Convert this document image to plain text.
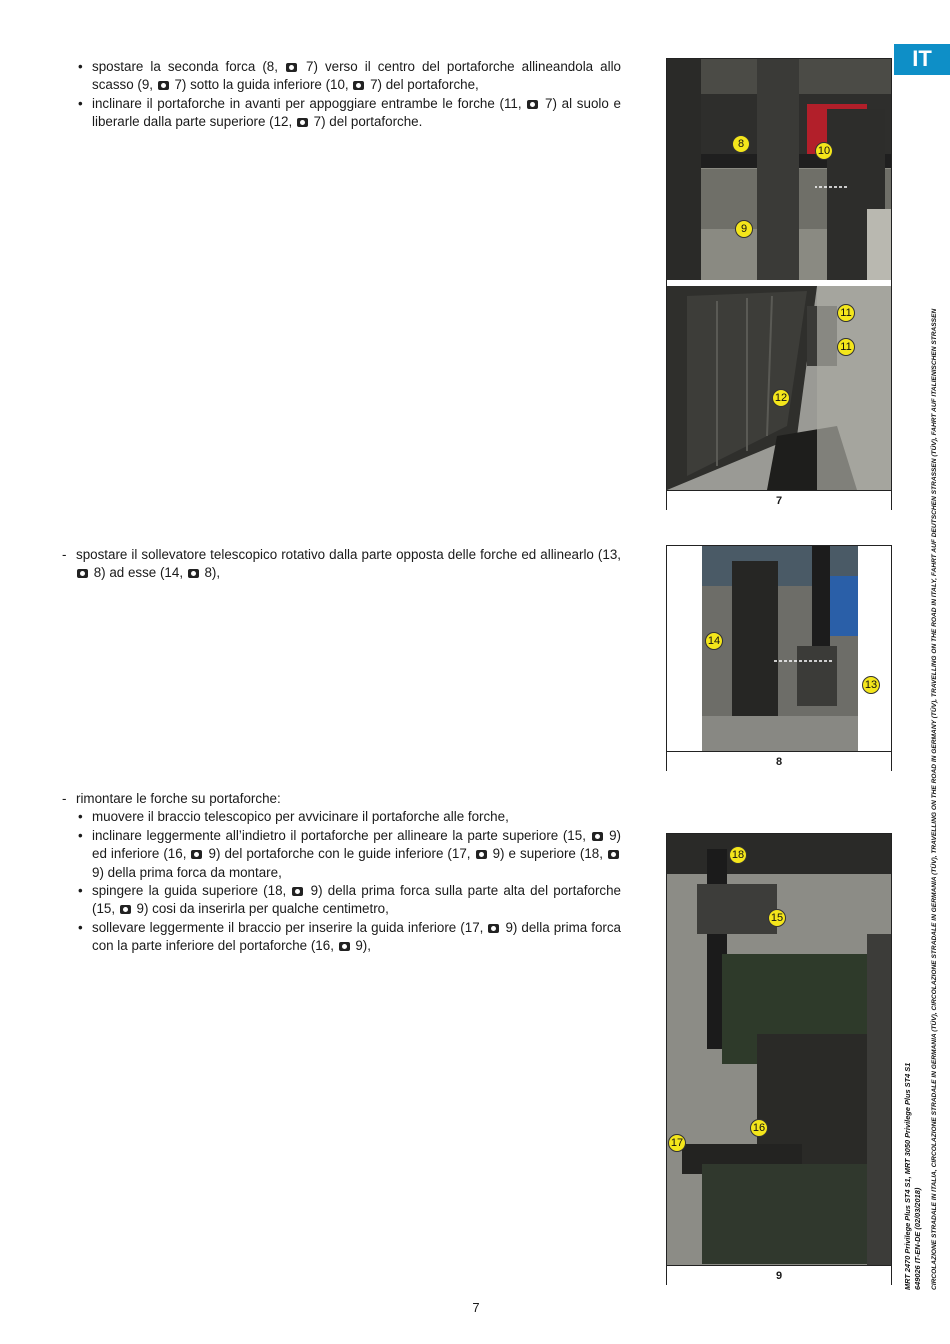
IT
• spostare la seconda forca (8,  7) verso il centro del portaforche allineandola allo scasso (9,  7) sotto la guida inferiore (10,  7) del portaforche,
• inclinare il portaforche in avanti per appoggiare entrambe le forche (11,  7) al suolo e liberarle dalla parte superiore (12,  7) del portaforche.
- spostare il sollevatore telescopico rotativo dalla parte opposta delle forche ed allinearlo (13,  8) ad esse (14,  8),
- rimontare le forche su portaforche:
• muovere il braccio telescopico per avvicinare il portaforche alle forche,
• inclinare leggermente all’indietro il portaforche per allineare la parte superiore (15,  9) ed inferiore (16,  9) del portaforche con le guide inferiore (17,  9) e superiore (18,  9) della prima forca da montare,
• spingere la guida superiore (18,  9) della prima forca sulla parte alta del portaforche (15,  9) cosi da inserirla per qualche centimetro,
• sollevare leggermente il braccio per inserire la guida inferiore (17,  9) della prima forca con la parte inferiore del portaforche (16,  9),
7
8
10
9
11
11
12
8
14
13
9
18
15
16
17	MRT 2470 Privilege Plus ST4 S1, MRT 3050 Privilege Plus ST4 S1 649026 IT-EN-DE (02/03/2018) CIRCOLAZIONE STRADALE IN ITALIA, CIRCOLAZIONE STRADALE IN GERMANIA (TÜV), CIRCOLAZIONE STRADALE IN GERMANIA (TÜV), TRAVELLING ON THE ROAD IN GERMANY (TÜV), TRAVELLING ON THE ROAD IN ITALY, FAHRT AUF DEUTSCHEN STRASSEN (TÜV), FAHRT AUF ITALIENISCHEN STRASSEN
7
